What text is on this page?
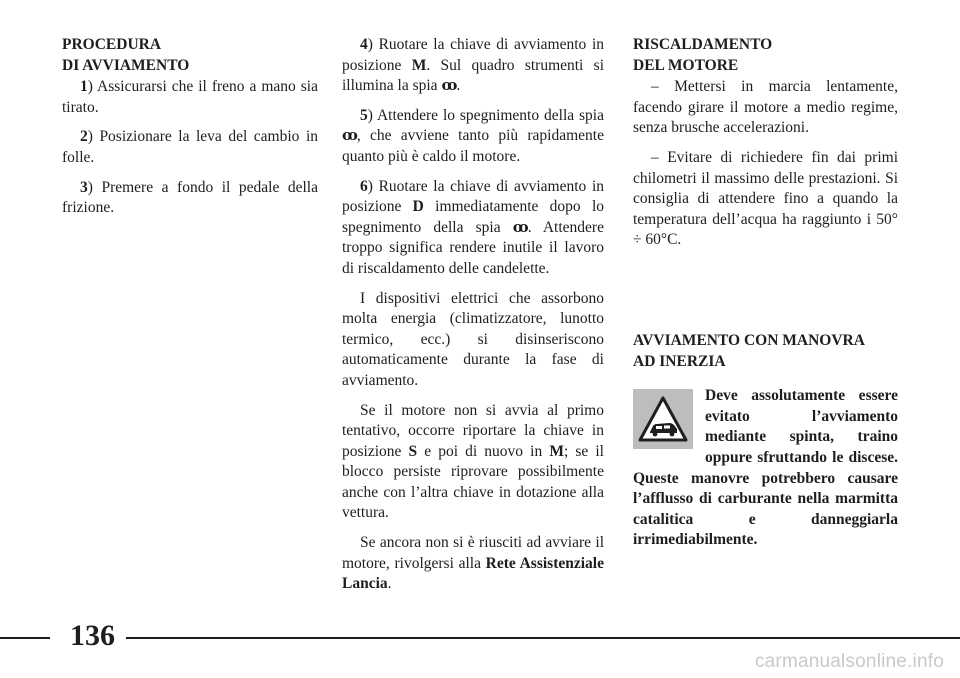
PROCEDURA
DI AVVIAMENTO

1) Assicurarsi che il freno a mano sia tirato.

2) Posizionare la leva del cambio in folle.

3) Premere a fondo il pedale della frizione.

4) Ruotare la chiave di avviamento in posizione M. Sul quadro strumenti si illumina la spia ꝏ.

5) Attendere lo spegnimento della spia ꝏ, che avviene tanto più rapidamente quanto più è caldo il motore.

6) Ruotare la chiave di avviamento in posizione D immediatamente dopo lo spegnimento della spia ꝏ. Attendere troppo significa rendere inutile il lavoro di riscaldamento delle candelette.

I dispositivi elettrici che assorbono molta energia (climatizzatore, lunotto termico, ecc.) si disinseriscono automaticamente durante la fase di avviamento.

Se il motore non si avvia al primo tentativo, occorre riportare la chiave in posizione S e poi di nuovo in M; se il blocco persiste riprovare possibilmente anche con l’altra chiave in dotazione alla vettura.

Se ancora non si è riusciti ad avviare il motore, rivolgersi alla Rete Assistenziale Lancia.

RISCALDAMENTO
DEL MOTORE

– Mettersi in marcia lentamente, facendo girare il motore a medio regime, senza brusche accelerazioni.

– Evitare di richiedere fin dai primi chilometri il massimo delle prestazioni. Si consiglia di attendere fino a quando la temperatura dell’acqua ha raggiunto i 50° ÷ 60°C.

AVVIAMENTO CON MANOVRA
AD INERZIA
Deve assolutamente essere evitato l’avviamento mediante spinta, traino oppure sfruttando le discese. Queste manovre potrebbero causare l’afflusso di carburante nella marmitta catalitica e danneggiarla irrimediabilmente.
136
carmanualsonline.info
